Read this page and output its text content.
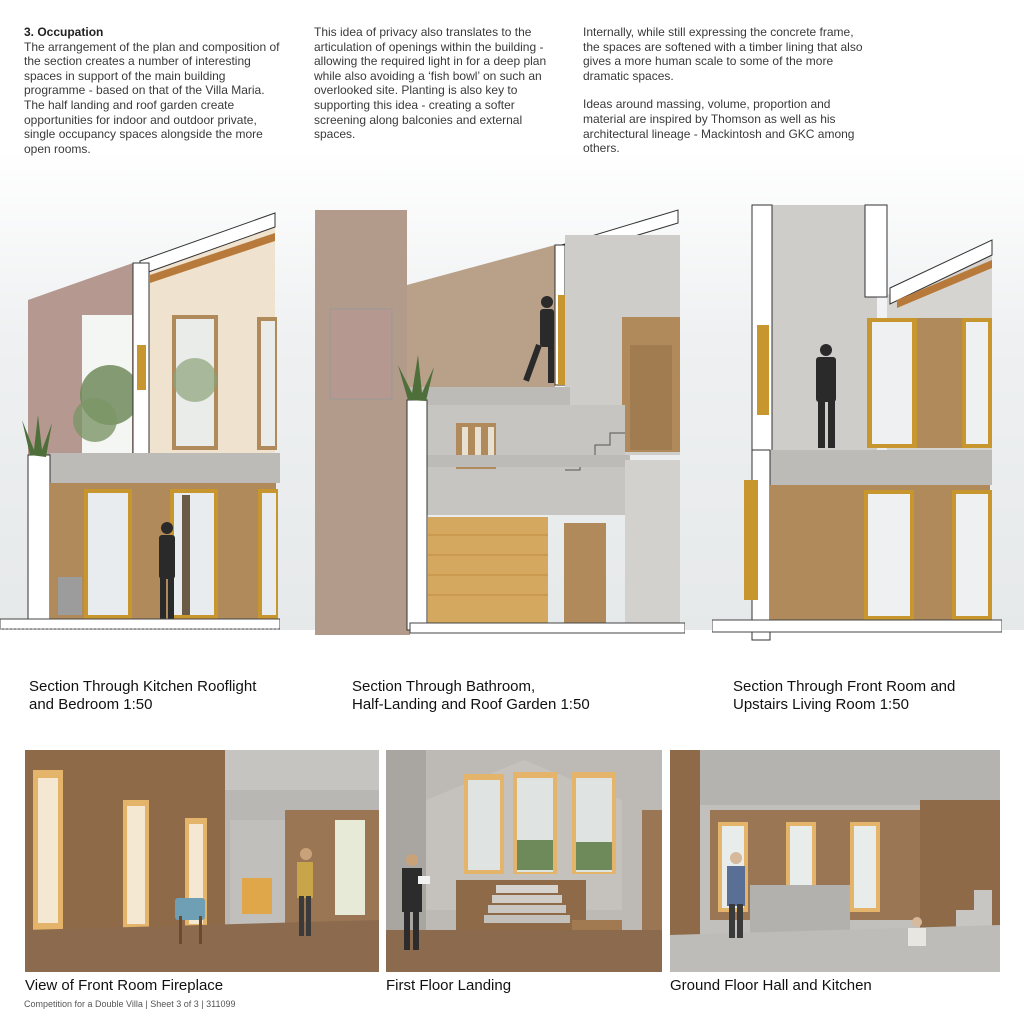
3. Occupation

The arrangement of the plan and composition of the section creates a number of interesting spaces in support of the main building programme - based on that of the Villa Maria. The half landing and roof garden create opportunities for indoor and outdoor private, single occupancy spaces alongside the more open rooms.

This idea of privacy also translates to the articulation of openings within the building - allowing the required light in for a deep plan while also avoiding a ‘fish bowl’ on such an overlooked site. Planting is also key to supporting this idea - creating a softer screening along balconies and external spaces.

Internally, while still expressing the concrete frame, the spaces are softened with a timber lining that also gives a more human scale to some of the more dramatic spaces.

Ideas around massing, volume, proportion and material are inspired by Thomson as well as his architectural lineage - Mackintosh and GKC among others.

Section Through Kitchen Rooflight
and Bedroom 1:50
Section Through Bathroom,
Half-Landing and Roof Garden 1:50
Section Through Front Room and
Upstairs Living Room 1:50
View of Front Room Fireplace	First Floor Landing	Ground Floor Hall and Kitchen
Competition for a Double Villa | Sheet 3 of 3 | 311099
